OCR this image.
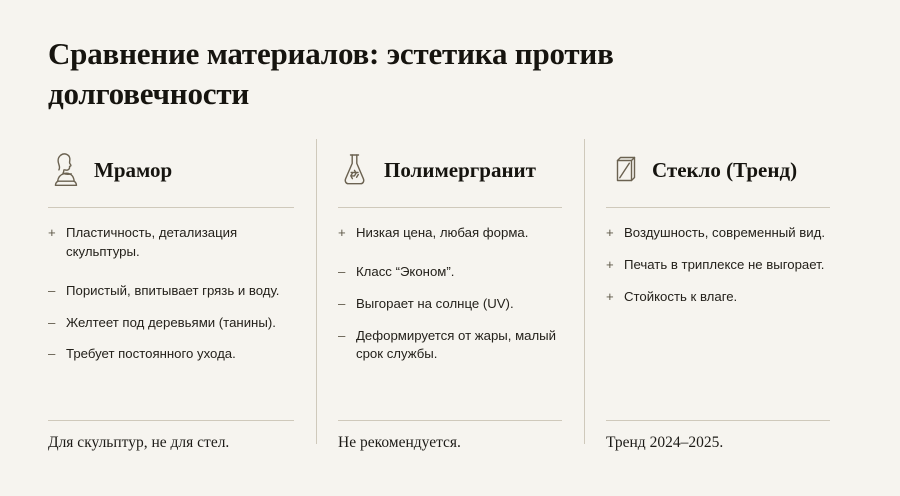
Сравнение материалов: эстетика против долговечности
Мрамор
+ Пластичность, детализация скульптуры.
– Пористый, впитывает грязь и воду.
– Желтеет под деревьями (танины).
– Требует постоянного ухода.
Для скульптур, не для стел.
Полимергранит
+ Низкая цена, любая форма.
– Класс “Эконом”.
– Выгорает на солнце (UV).
– Деформируется от жары, малый срок службы.
Не рекомендуется.
Стекло (Тренд)
+ Воздушность, современный вид.
+ Печать в триплексе не выгорает.
+ Стойкость к влаге.
Тренд 2024–2025.
